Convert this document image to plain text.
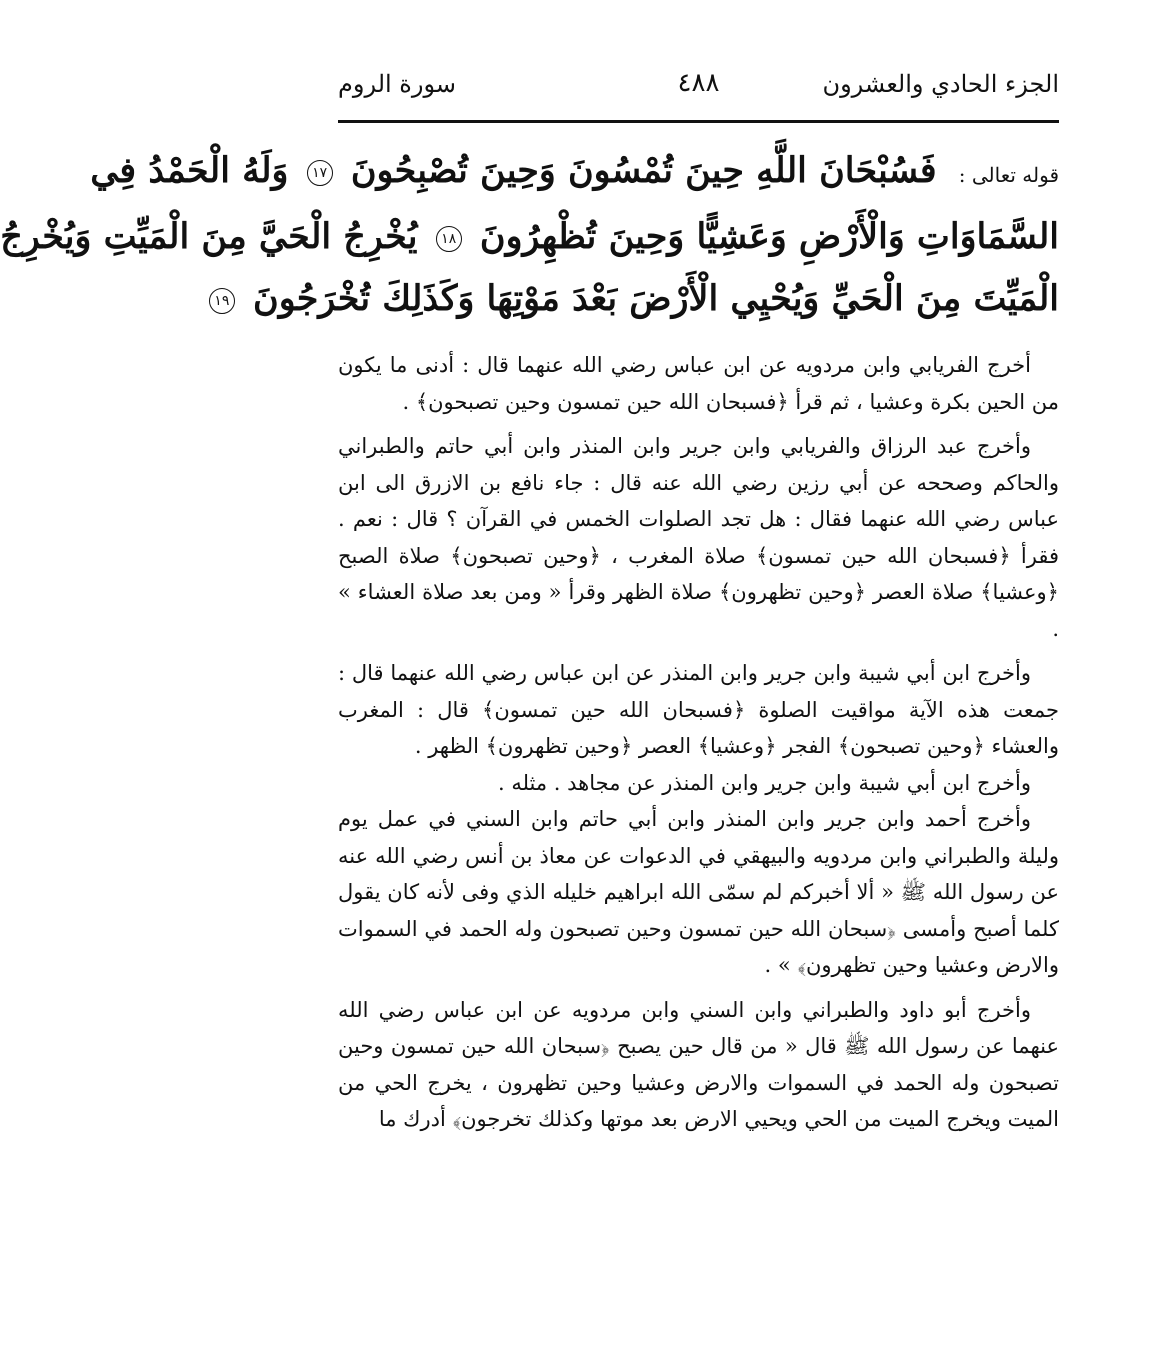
الجزء الحادي والعشرون
٤٨٨
سورة الروم
قوله تعالى : فَسُبْحَانَ اللَّهِ حِينَ تُمْسُونَ وَحِينَ تُصْبِحُونَ ١٧ وَلَهُ الْحَمْدُ فِي
السَّمَاوَاتِ وَالْأَرْضِ وَعَشِيًّا وَحِينَ تُظْهِرُونَ ١٨ يُخْرِجُ الْحَيَّ مِنَ الْمَيِّتِ وَيُخْرِجُ
الْمَيِّتَ مِنَ الْحَيِّ وَيُحْيِي الْأَرْضَ بَعْدَ مَوْتِهَا وَكَذَلِكَ تُخْرَجُونَ ١٩

أخرج الفريابي وابن مردويه عن ابن عباس رضي الله عنهما قال : أدنى ما يكون من الحين بكرة وعشيا ، ثم قرأ ﴿فسبحان الله حين تمسون وحين تصبحون﴾ .

وأخرج عبد الرزاق والفريابي وابن جرير وابن المنذر وابن أبي حاتم والطبراني والحاكم وصححه عن أبي رزين رضي الله عنه قال : جاء نافع بن الازرق الى ابن عباس رضي الله عنهما فقال : هل تجد الصلوات الخمس في القرآن ؟ قال : نعم . فقرأ ﴿فسبحان الله حين تمسون﴾ صلاة المغرب ، ﴿وحين تصبحون﴾ صلاة الصبح ﴿وعشيا﴾ صلاة العصر ﴿وحين تظهرون﴾ صلاة الظهر وقرأ « ومن بعد صلاة العشاء » .

وأخرج ابن أبي شيبة وابن جرير وابن المنذر عن ابن عباس رضي الله عنهما قال : جمعت هذه الآية مواقيت الصلوة ﴿فسبحان الله حين تمسون﴾ قال : المغرب والعشاء ﴿وحين تصبحون﴾ الفجر ﴿وعشيا﴾ العصر ﴿وحين تظهرون﴾ الظهر .

وأخرج ابن أبي شيبة وابن جرير وابن المنذر عن مجاهد . مثله .

وأخرج أحمد وابن جرير وابن المنذر وابن أبي حاتم وابن السني في عمل يوم وليلة والطبراني وابن مردويه والبيهقي في الدعوات عن معاذ بن أنس رضي الله عنه عن رسول الله ﷺ « ألا أخبركم لم سمّى الله ابراهيم خليله الذي وفى لأنه كان يقول كلما أصبح وأمسى ﴿سبحان الله حين تمسون وحين تصبحون وله الحمد في السموات والارض وعشيا وحين تظهرون﴾ » .

وأخرج أبو داود والطبراني وابن السني وابن مردويه عن ابن عباس رضي الله عنهما عن رسول الله ﷺ قال « من قال حين يصبح ﴿سبحان الله حين تمسون وحين تصبحون وله الحمد في السموات والارض وعشيا وحين تظهرون ، يخرج الحي من الميت ويخرج الميت من الحي ويحيي الارض بعد موتها وكذلك تخرجون﴾ أدرك ما
